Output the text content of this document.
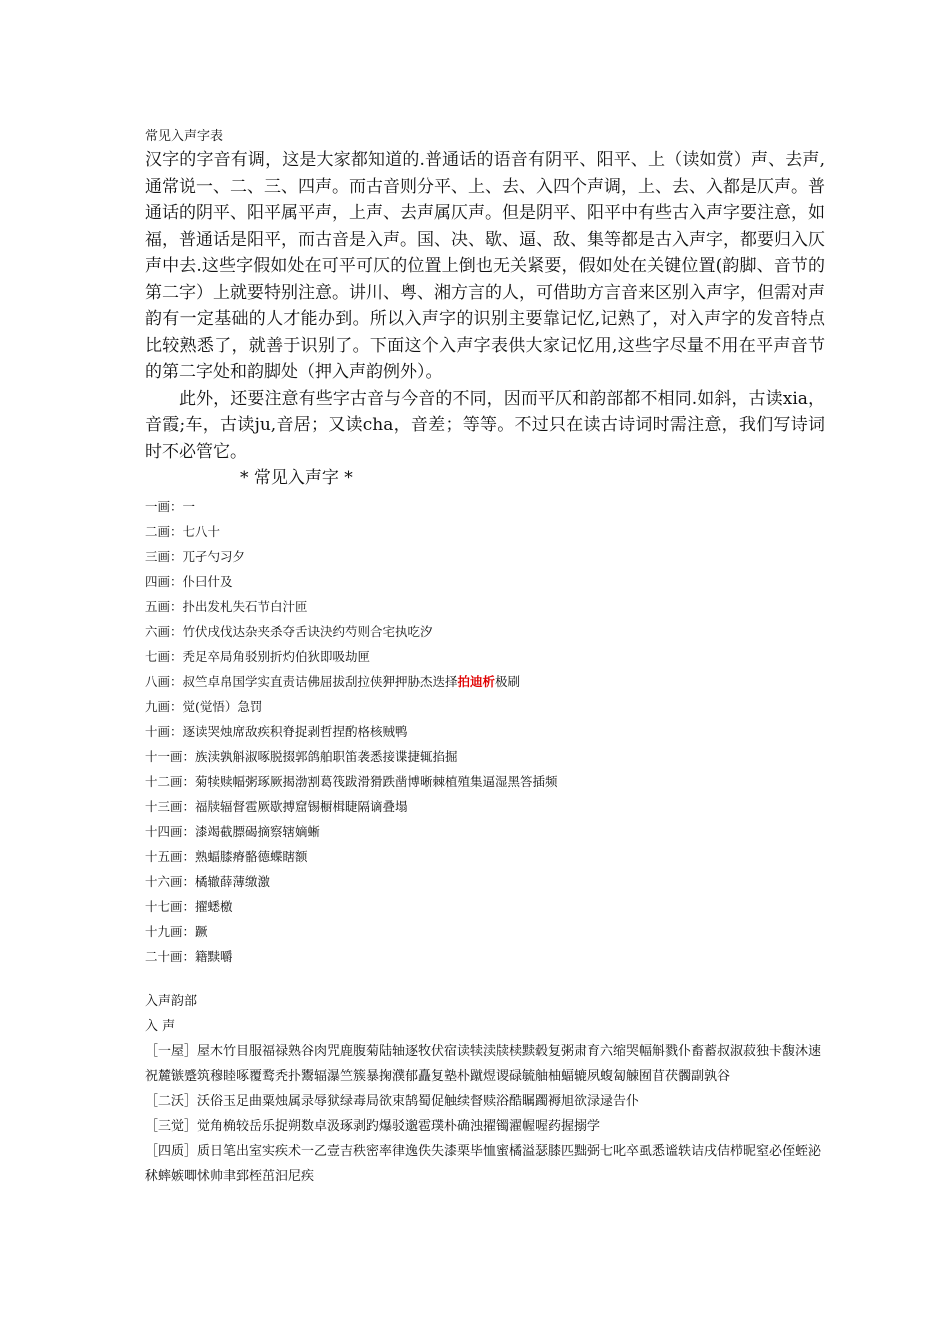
常见入声字表

汉字的字音有调，这是大家都知道的.普通话的语音有阴平、阳平、上（读如赏）声、去声,通常说一、二、三、四声。而古音则分平、上、去、入四个声调，上、去、入都是仄声。普通话的阴平、阳平属平声，上声、去声属仄声。但是阴平、阳平中有些古入声字要注意，如福，普通话是阳平，而古音是入声。国、决、歇、逼、敌、集等都是古入声字，都要归入仄声中去.这些字假如处在可平可仄的位置上倒也无关紧要，假如处在关键位置(韵脚、音节的第二字）上就要特别注意。讲川、粤、湘方言的人，可借助方言音来区别入声字，但需对声韵有一定基础的人才能办到。所以入声字的识别主要靠记忆,记熟了，对入声字的发音特点比较熟悉了，就善于识别了。下面这个入声字表供大家记忆用,这些字尽量不用在平声音节的第二字处和韵脚处（押入声韵例外）。

此外，还要注意有些字古音与今音的不同，因而平仄和韵部都不相同.如斜，古读xia，音霞;车，古读ju,音居；又读cha，音差；等等。不过只在读古诗词时需注意，我们写诗词时不必管它。

* 常见入声字 *

一画：一
二画：七八十
三画：兀孑勺习夕
四画：仆曰什及
五画：扑出发札失石节白汁匝
六画：竹伏戌伐达杂夹杀夺舌诀決约芍则合宅执吃汐
七画：秃足卒局角驳别折灼伯狄即吸劫匣
八画：叔竺卓帛国学实直责诘佛屈拔刮拉侠狎押胁杰迭择拍迪析极刷
九画：觉(觉悟）急罚
十画：逐读哭烛席敌疾积脊捉剥哲捏酌格核贼鸭
十一画：族渎孰斛淑啄脱掇郭鸽舶职笛袭悉接谍捷辄掐掘
十二画：菊犊赎幅粥琢厥揭渤割葛筏跋滑猾跌凿博晰棘植殖集逼湿黑答插频
十三画：福牍辐督雹厥歇搏窟锡橱楫睫隔谪叠塌
十四画：漆竭截膘碣摘察辖嫡蜥
十五画：熟蝠膝瘠骼德蝶瞎额
十六画：橘辙薛薄缴激
十七画：擢蟋檄
十九画：蹶
二十画：籍黩嚼

入声韵部

入 声

［一屋］屋木竹目服福禄熟谷肉咒鹿腹菊陆轴逐牧伏宿读犊渎牍椟黩毂复粥肃育六缩哭幅斛戮仆畜蓄叔淑菽独卡馥沐速祝麓镞蹙筑穆睦啄覆鹜秃扑鬻辐瀑竺簇暴掬濮郁矗复塾朴蹴煜谡碌毓舳柚蝠辘夙蝮匐觫囿苜茯髑副孰谷

［二沃］沃俗玉足曲粟烛属录辱狱绿毒局欲束鹄蜀促触续督赎浴酷瞩躅褥旭欲渌逯告仆

［三觉］觉角桷较岳乐捉朔数卓汲琢剥趵爆驳邈雹璞朴确浊擢镯濯幄喔药握搦学

［四质］质日笔出室实疾术一乙壹吉秩密率律逸佚失漆栗毕恤蜜橘溢瑟膝匹黜弼七叱卒虱悉谧轶诘戌佶栉昵窒必侄蛭泌秫蟀嫉唧怵帅聿郅桎茁汩尼疾
